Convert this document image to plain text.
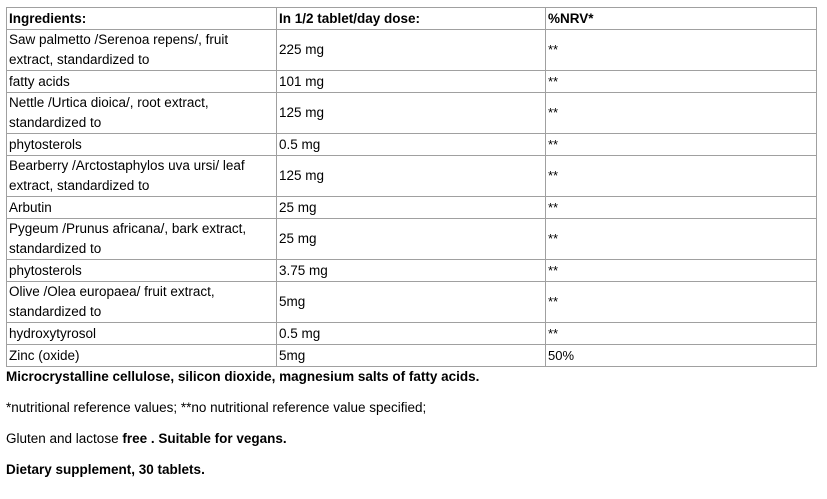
Ingredients:	In 1/2 tablet/day dose:	%NRV*
Saw palmetto /Serenoa repens/, fruit extract, standardized to	225 mg	**
fatty acids	101 mg	**
Nettle /Urtica dioica/, root extract, standardized to	125 mg	**
phytosterols	0.5 mg	**
Bearberry /Arctostaphylos uva ursi/ leaf extract, standardized to	125 mg	**
Arbutin	25 mg	**
Pygeum /Prunus africana/, bark extract, standardized to	25 mg	**
phytosterols	3.75 mg	**
Olive /Olea europaea/ fruit extract, standardized to	5mg	**
hydroxytyrosol	0.5 mg	**
Zinc (oxide)	5mg	50%

Microcrystalline cellulose, silicon dioxide, magnesium salts of fatty acids.

*nutritional reference values; **no nutritional reference value specified;

Gluten and lactose free . Suitable for vegans.

Dietary supplement, 30 tablets.
